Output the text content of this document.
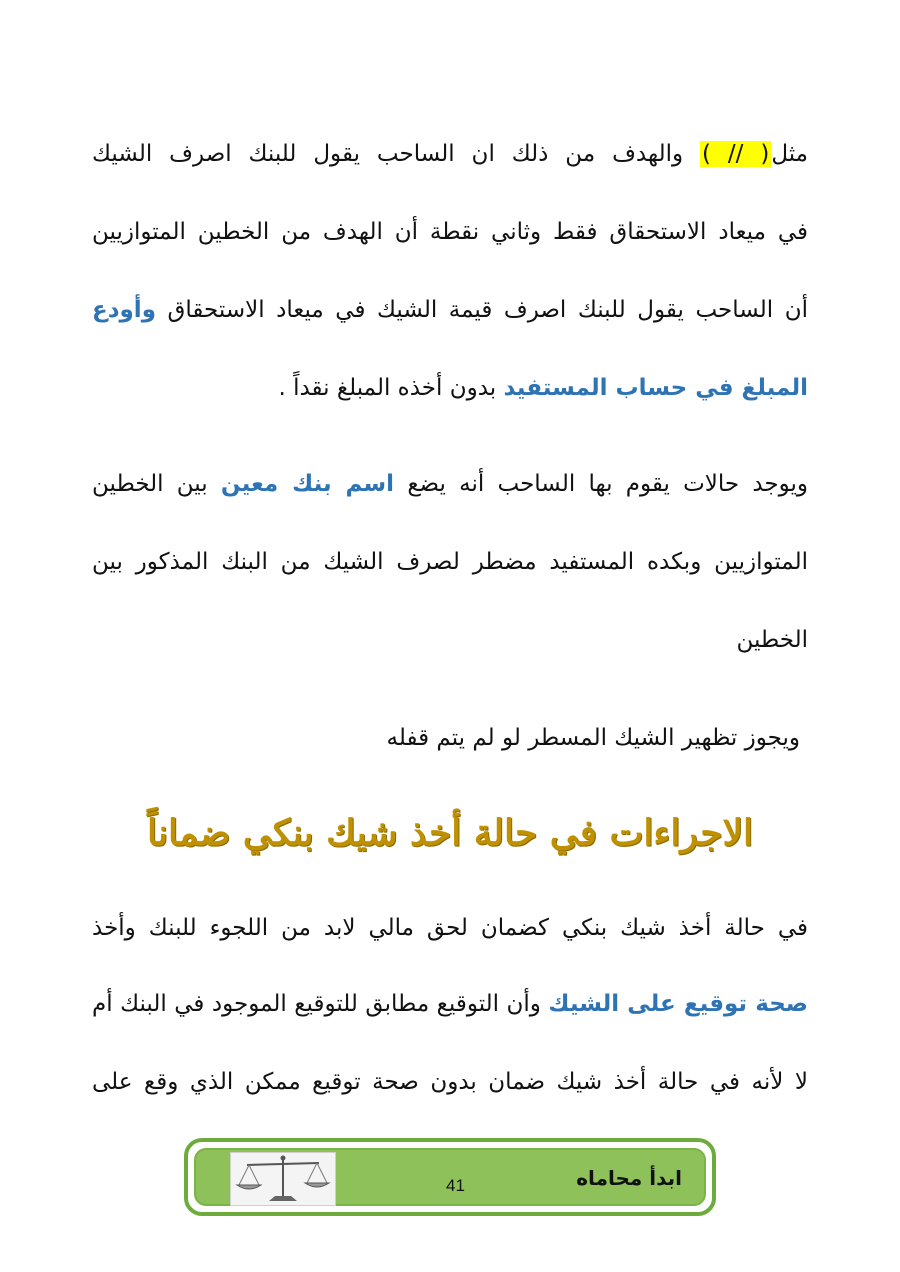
مثل( // ) والهدف من ذلك ان الساحب يقول للبنك اصرف الشيك
في ميعاد الاستحقاق فقط وثاني نقطة أن الهدف من الخطين المتوازيين
أن الساحب يقول للبنك اصرف قيمة الشيك في ميعاد الاستحقاق وأودع
المبلغ في حساب المستفيد بدون أخذه المبلغ نقداً .
ويوجد حالات يقوم بها الساحب أنه يضع اسم بنك معين بين الخطين
المتوازيين وبكده المستفيد مضطر لصرف الشيك من البنك المذكور بين
الخطين
ويجوز تظهير الشيك المسطر لو لم يتم قفله
الاجراءات في حالة أخذ شيك بنكي ضماناً
في حالة أخذ شيك بنكي كضمان لحق مالي لابد من اللجوء للبنك وأخذ
صحة توقيع على الشيك وأن التوقيع مطابق للتوقيع الموجود في البنك أم
لا لأنه في حالة أخذ شيك ضمان بدون صحة توقيع ممكن الذي وقع على
41	ابدأ محاماه
